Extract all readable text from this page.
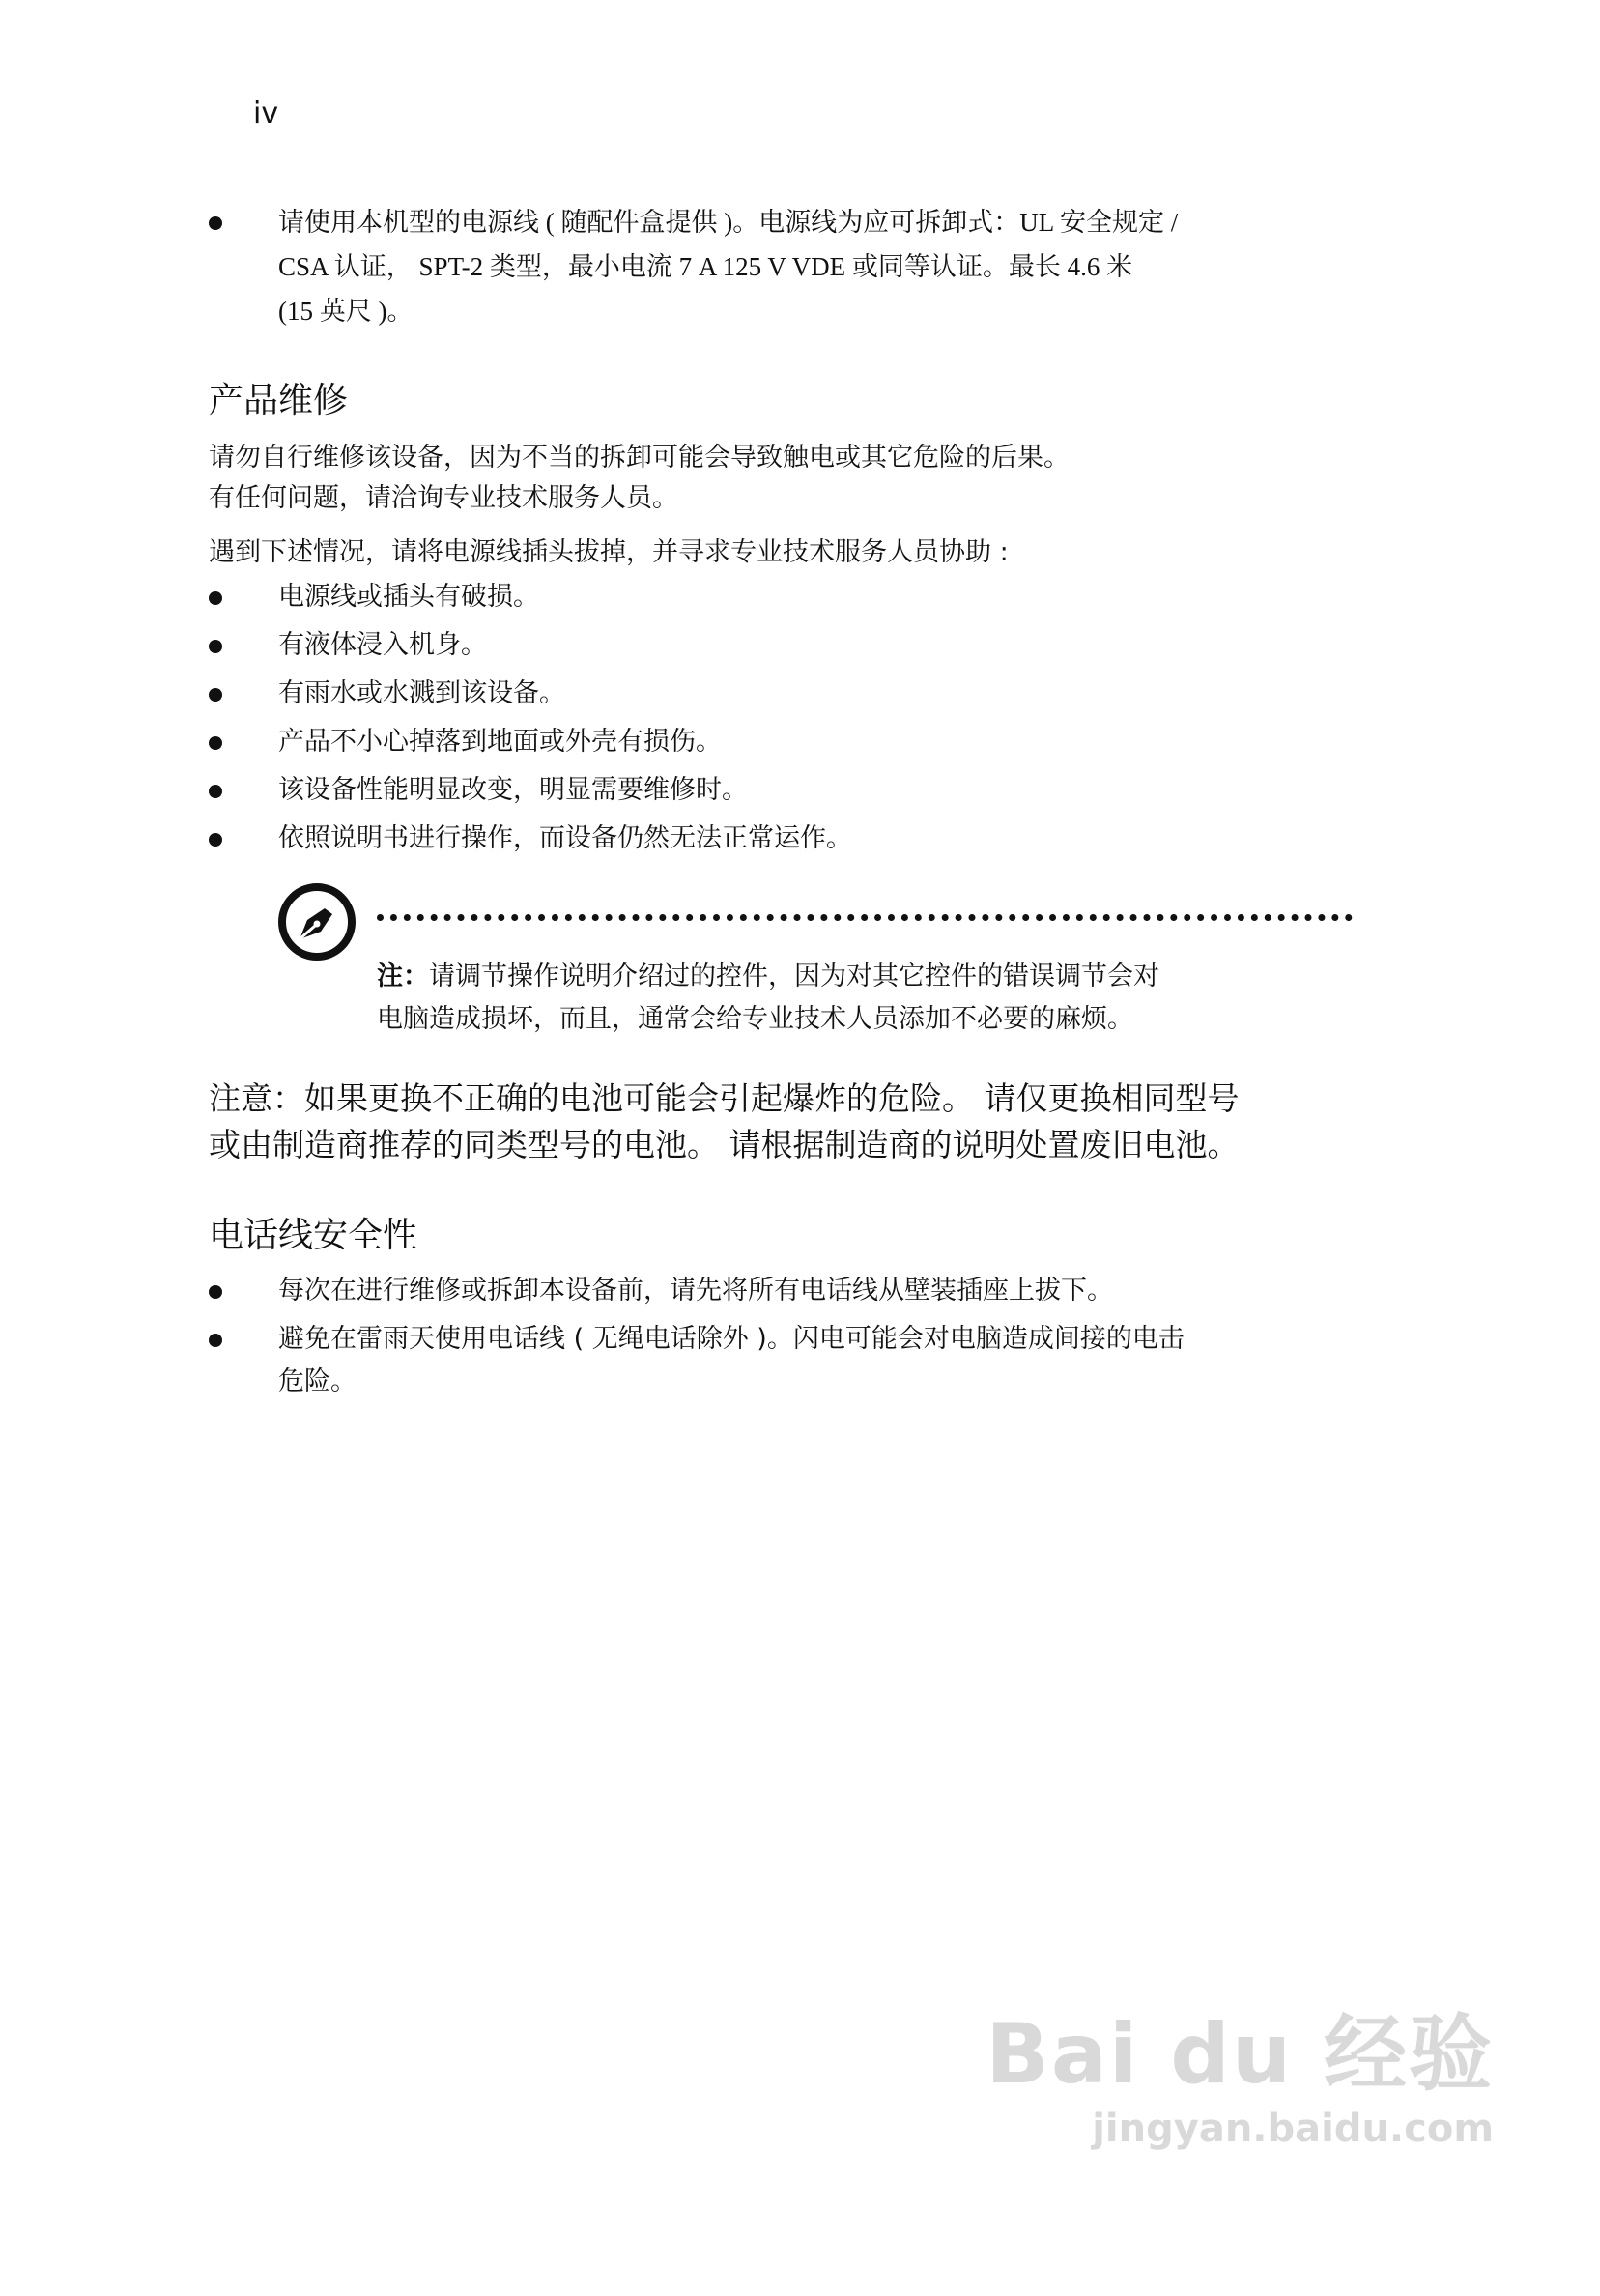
iv
请使用本机型的电源线 ( 随配件盒提供 )。电源线为应可拆卸式：UL 安全规定 /
CSA 认证， SPT-2 类型，最小电流 7 A 125 V VDE 或同等认证。最长 4.6 米
(15 英尺 )。
产品维修
请勿自行维修该设备，因为不当的拆卸可能会导致触电或其它危险的后果。
有任何问题，请洽询专业技术服务人员。
遇到下述情况，请将电源线插头拔掉，并寻求专业技术服务人员协助 :
电源线或插头有破损。
有液体浸入机身。
有雨水或水溅到该设备。
产品不小心掉落到地面或外壳有损伤。
该设备性能明显改变，明显需要维修时。
依照说明书进行操作，而设备仍然无法正常运作。
注：请调节操作说明介绍过的控件，因为对其它控件的错误调节会对
电脑造成损坏，而且，通常会给专业技术人员添加不必要的麻烦。
注意：如果更换不正确的电池可能会引起爆炸的危险。 请仅更换相同型号
或由制造商推荐的同类型号的电池。 请根据制造商的说明处置废旧电池。
电话线安全性
每次在进行维修或拆卸本设备前，请先将所有电话线从壁装插座上拔下。
避免在雷雨天使用电话线 ( 无绳电话除外 )。闪电可能会对电脑造成间接的电击
危险。
Bai du 经验
jingyan.baidu.com
